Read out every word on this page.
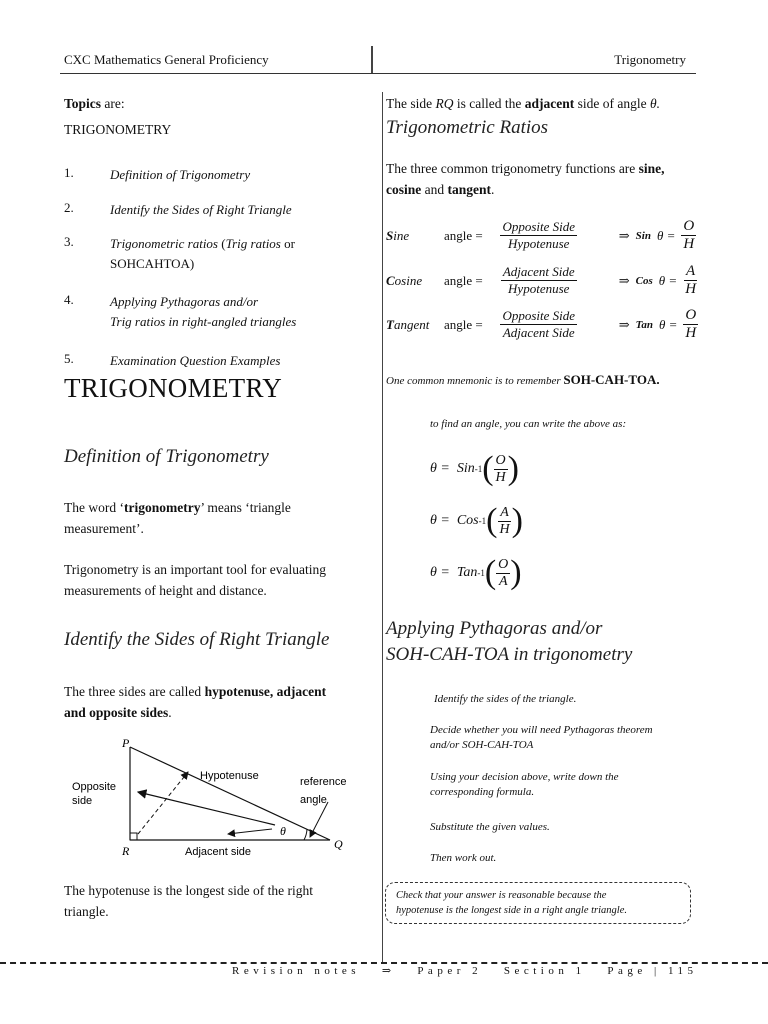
CXC Mathematics General Proficiency	Trigonometry
Topics are:
TRIGONOMETRY
1.	Definition of Trigonometry
2.	Identify the Sides of Right Triangle
3.	Trigonometric ratios (Trig ratios or
SOHCAHTOA)
4.	Applying Pythagoras and/or
Trig ratios in right-angled triangles
5.	Examination Question Examples
TRIGONOMETRY
Definition of Trigonometry
The word ‘trigonometry’ means ‘triangle
measurement’.
Trigonometry is an important tool for evaluating
measurements of height and distance.
Identify the Sides of Right Triangle
The three sides are called hypotenuse, adjacent
and opposite sides.
P
R	Q
θ
Hypotenuse
Opposite
side
Adjacent side
reference
angle
The hypotenuse is the longest side of the right
triangle.
The side RQ is called the adjacent side of angle θ.
Trigonometric Ratios
The three common trigonometry functions are sine,
cosine and tangent.
Sine	angle = $\frac{\text{Opposite Side}}{\text{Hypotenuse}}$ ⇒ Sin $\theta = \frac{O}{H}$
Cosine	angle = $\frac{\text{Adjacent Side}}{\text{Hypotenuse}}$ ⇒ Cos $\theta = \frac{A}{H}$
Tangent	angle = $\frac{\text{Opposite Side}}{\text{Adjacent Side}}$ ⇒ Tan $\theta = \frac{O}{H}$
One common mnemonic is to remember SOH-CAH-TOA.
to find an angle, you can write the above as:
θ =
Sin -1 ( $\frac{O}{H}$ )
θ =
Cos -1 ( $\frac{A}{H}$ )
θ =
Tan -1 ( $\frac{O}{A}$ )
Applying Pythagoras and/or
SOH-CAH-TOA in trigonometry
Identify the sides of the triangle.
Decide whether you will need Pythagoras theorem
and/or SOH-CAH-TOA
Using your decision above, write down the
corresponding formula.
Substitute the given values.
Then work out.
Check that your answer is reasonable because the
hypotenuse is the longest side in a right angle triangle.
Revision notes ⇒ Paper 2 Section 1 Page | 115
